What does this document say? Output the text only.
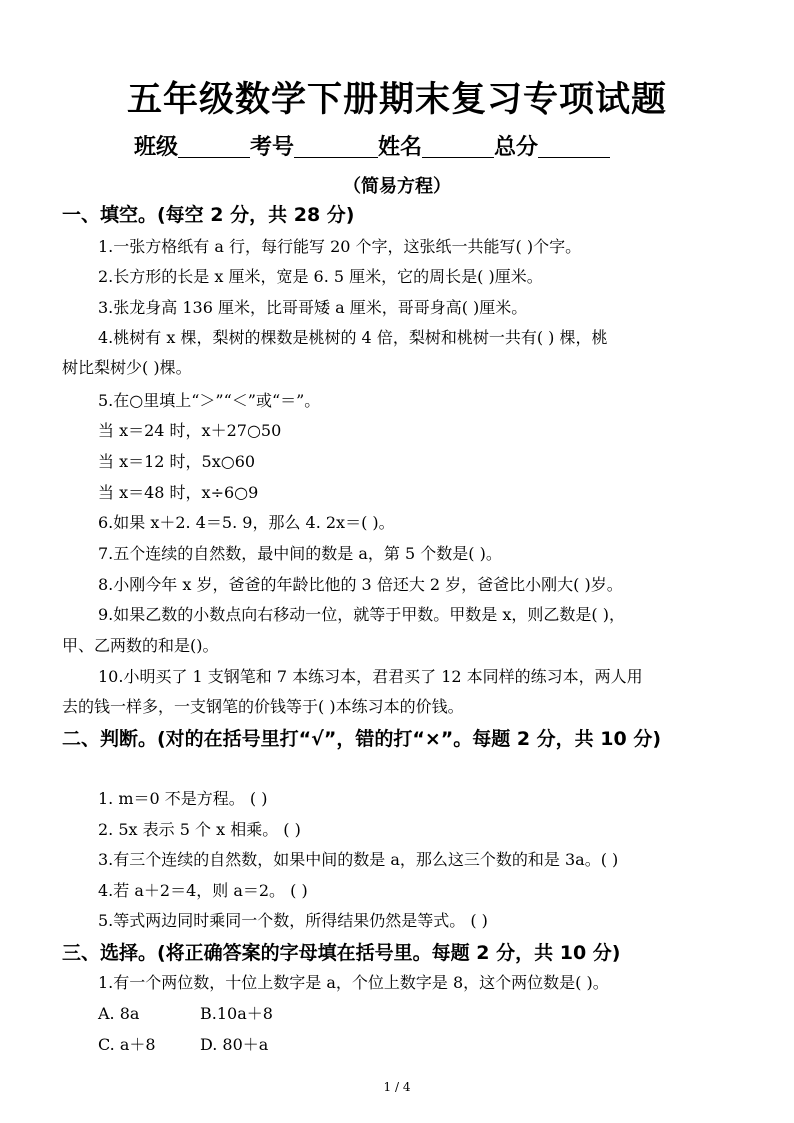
五年级数学下册期末复习专项试题
班级	考号	姓名	总分
（简易方程）
一、填空。(每空 2 分，共 28 分)
1.一张方格纸有 a 行，每行能写 20 个字，这张纸一共能写( )个字。
2.长方形的长是 x 厘米，宽是 6. 5 厘米，它的周长是( )厘米。
3.张龙身高 136 厘米，比哥哥矮 a 厘米，哥哥身高( )厘米。
4.桃树有 x 棵，梨树的棵数是桃树的 4 倍，梨树和桃树一共有( ) 棵，桃
树比梨树少( )棵。
5.在○里填上“＞”“＜”或“＝”。
当 x＝24 时，x＋27○50
当 x＝12 时，5x○60
当 x＝48 时，x÷6○9
6.如果 x＋2. 4＝5. 9，那么 4. 2x＝( )。
7.五个连续的自然数，最中间的数是 a，第 5 个数是( )。
8.小刚今年 x 岁，爸爸的年龄比他的 3 倍还大 2 岁，爸爸比小刚大( )岁。
9.如果乙数的小数点向右移动一位，就等于甲数。甲数是 x，则乙数是( )，
甲、乙两数的和是()。
10.小明买了 1 支钢笔和 7 本练习本，君君买了 12 本同样的练习本，两人用
去的钱一样多，一支钢笔的价钱等于( )本练习本的价钱。
二、判断。(对的在括号里打“√”，错的打“×”。每题 2 分，共 10 分)
1. m＝0 不是方程。 ( )
2. 5x 表示 5 个 x 相乘。 ( )
3.有三个连续的自然数，如果中间的数是 a，那么这三个数的和是 3a。( )
4.若 a＋2＝4，则 a＝2。 ( )
5.等式两边同时乘同一个数，所得结果仍然是等式。 ( )
三、选择。(将正确答案的字母填在括号里。每题 2 分，共 10 分)
1.有一个两位数，十位上数字是 a，个位上数字是 8，这个两位数是( )。
A. 8a	B.10a＋8
C. a＋8	D. 80＋a
1 / 4
